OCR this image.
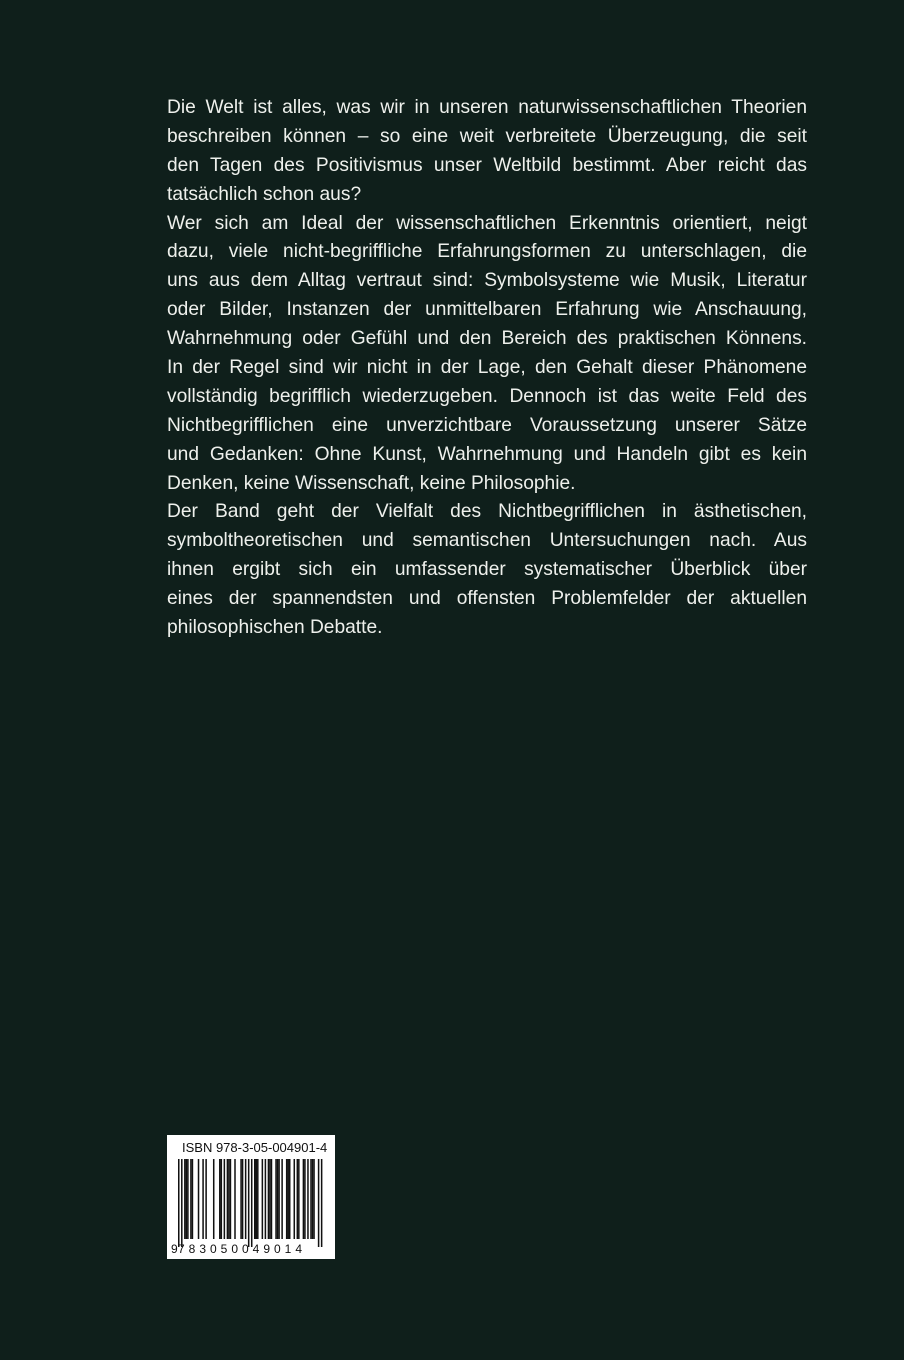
Die Welt ist alles, was wir in unseren naturwissenschaftlichen Theorien
beschreiben können – so eine weit verbreitete Überzeugung, die seit
den Tagen des Positivismus unser Weltbild bestimmt. Aber reicht das
tatsächlich schon aus?
Wer sich am Ideal der wissenschaftlichen Erkenntnis orientiert, neigt
dazu, viele nicht-begriffliche Erfahrungsformen zu unterschlagen, die
uns aus dem Alltag vertraut sind: Symbolsysteme wie Musik, Literatur
oder Bilder, Instanzen der unmittelbaren Erfahrung wie Anschauung,
Wahrnehmung oder Gefühl und den Bereich des praktischen Könnens.
In der Regel sind wir nicht in der Lage, den Gehalt dieser Phänomene
vollständig begrifflich wiederzugeben. Dennoch ist das weite Feld des
Nichtbegrifflichen eine unverzichtbare Voraussetzung unserer Sätze
und Gedanken: Ohne Kunst, Wahrnehmung und Handeln gibt es kein
Denken, keine Wissenschaft, keine Philosophie.
Der Band geht der Vielfalt des Nichtbegrifflichen in ästhetischen,
symboltheoretischen und semantischen Untersuchungen nach. Aus
ihnen ergibt sich ein umfassender systematischer Überblick über
eines der spannendsten und offensten Problemfelder der aktuellen
philosophischen Debatte.
ISBN 978-3-05-004901-4
9 783050 049014
